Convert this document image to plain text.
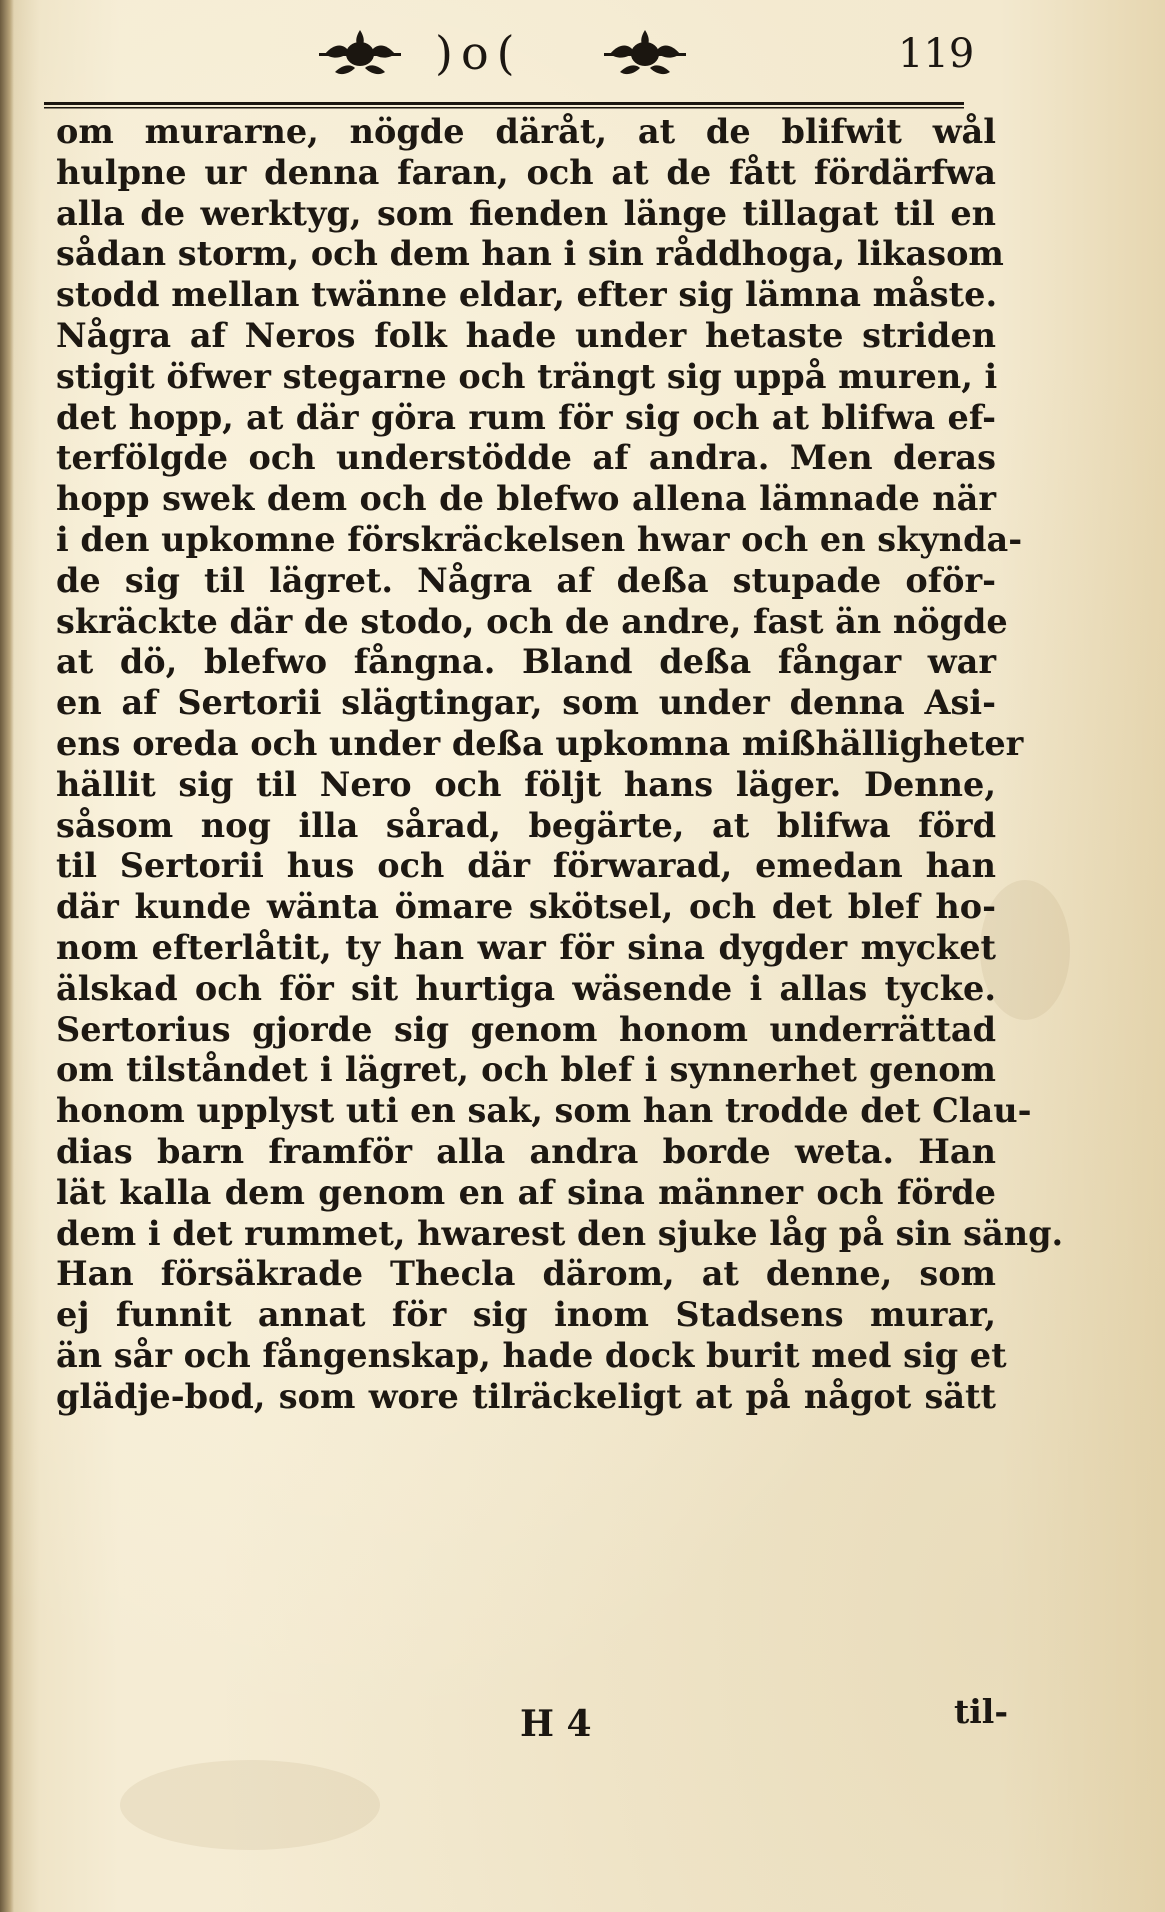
)o(	119
om murarne, nögde däråt, at de blifwit wål
hulpne ur denna faran, och at de fått fördärfwa
alla de werktyg, som fienden länge tillagat til en
sådan storm, och dem han i sin råddhoga, likasom
stodd mellan twänne eldar, efter sig lämna måste.
Några af Neros folk hade under hetaste striden
stigit öfwer stegarne och trängt sig uppå muren, i
det hopp, at där göra rum för sig och at blifwa ef-
terfölgde och understödde af andra. Men deras
hopp swek dem och de blefwo allena lämnade när
i den upkomne förskräckelsen hwar och en skynda-
de sig til lägret. Några af deßa stupade oför-
skräckte där de stodo, och de andre, fast än nögde
at dö, blefwo fångna. Bland deßa fångar war
en af Sertorii slägtingar, som under denna Asi-
ens oreda och under deßa upkomna mißhälligheter
hällit sig til Nero och följt hans läger. Denne,
såsom nog illa sårad, begärte, at blifwa förd
til Sertorii hus och där förwarad, emedan han
där kunde wänta ömare skötsel, och det blef ho-
nom efterlåtit, ty han war för sina dygder mycket
älskad och för sit hurtiga wäsende i allas tycke.
Sertorius gjorde sig genom honom underrättad
om tilståndet i lägret, och blef i synnerhet genom
honom upplyst uti en sak, som han trodde det Clau-
dias barn framför alla andra borde weta. Han
lät kalla dem genom en af sina männer och förde
dem i det rummet, hwarest den sjuke låg på sin säng.
Han försäkrade Thecla därom, at denne, som
ej funnit annat för sig inom Stadsens murar,
än sår och fångenskap, hade dock burit med sig et
glädje-bod, som wore tilräckeligt at på något sätt
H 4	til-
